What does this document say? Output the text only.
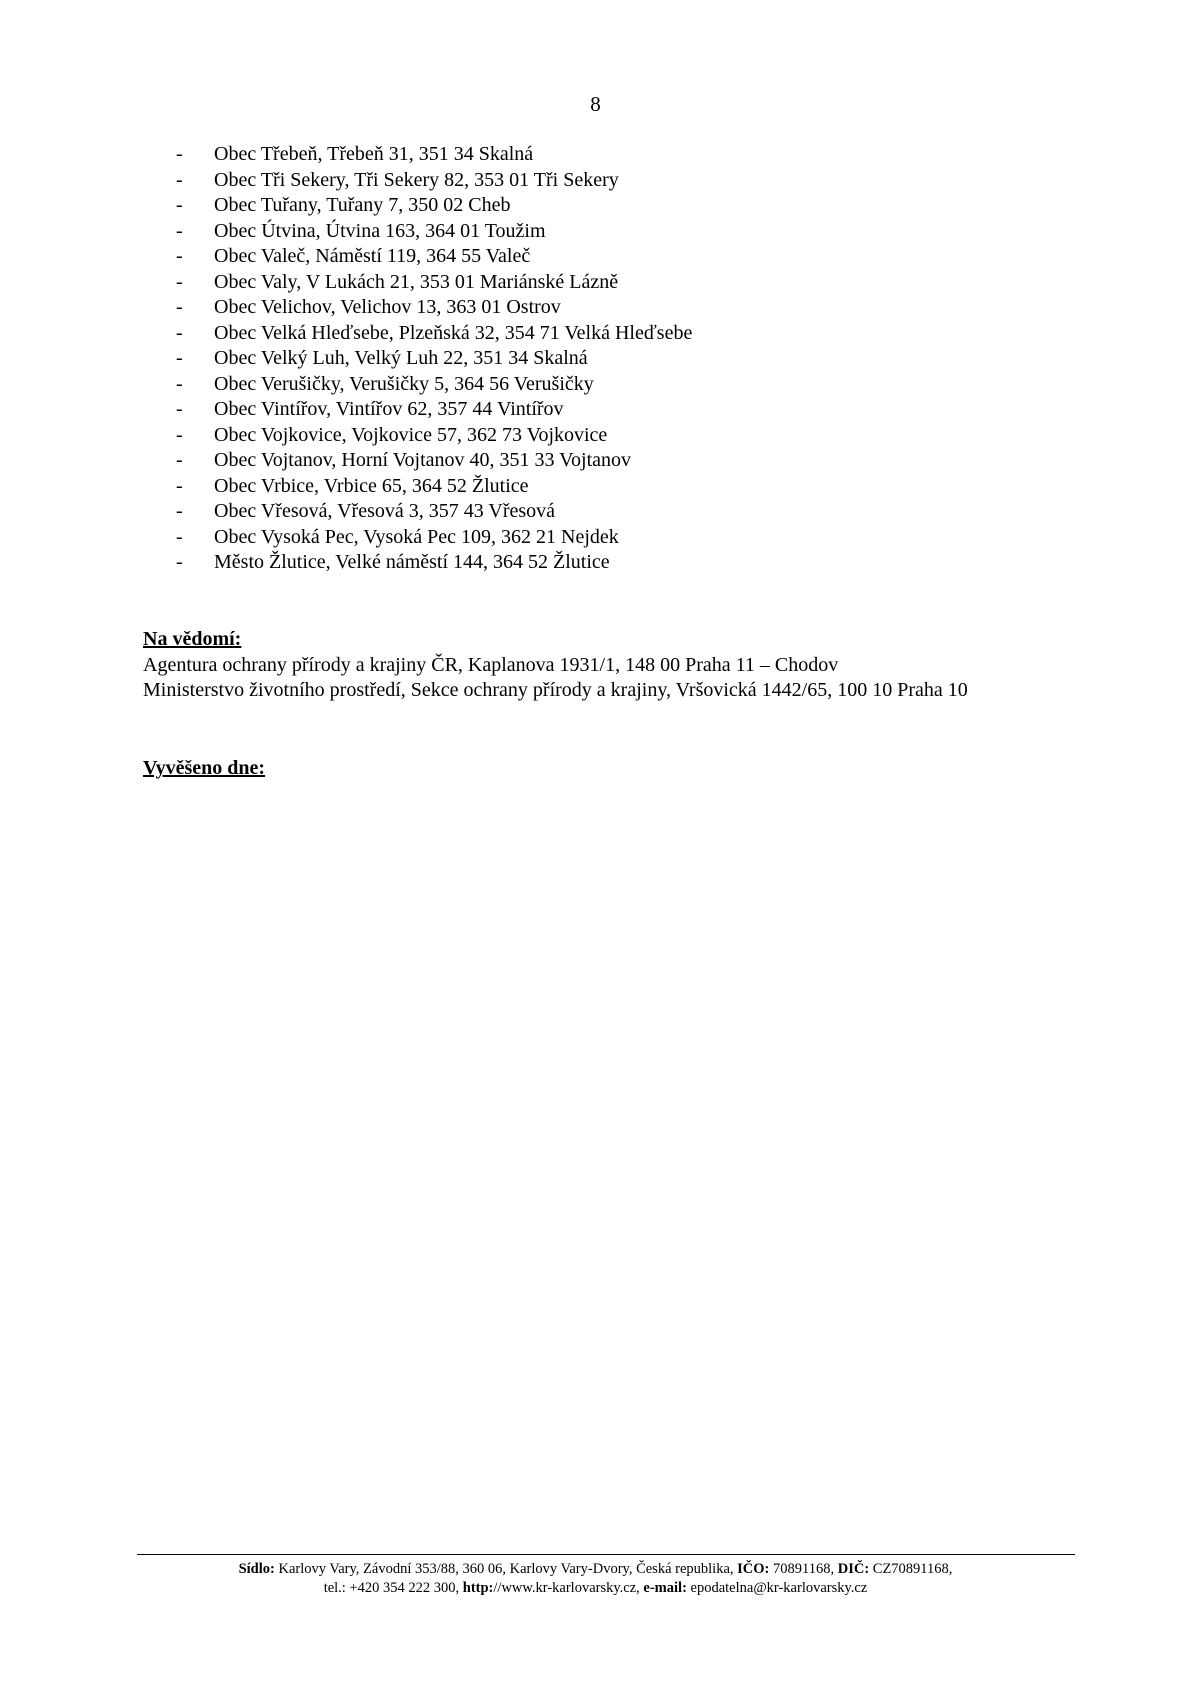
8
- Obec Třebeň, Třebeň 31, 351 34 Skalná
- Obec Tři Sekery, Tři Sekery 82, 353 01 Tři Sekery
- Obec Tuřany, Tuřany 7, 350 02 Cheb
- Obec Útvina, Útvina 163, 364 01 Toužim
- Obec Valeč, Náměstí 119, 364 55 Valeč
- Obec Valy, V Lukách 21, 353 01 Mariánské Lázně
- Obec Velichov, Velichov 13, 363 01 Ostrov
- Obec Velká Hleďsebe, Plzeňská 32, 354 71 Velká Hleďsebe
- Obec Velký Luh, Velký Luh 22, 351 34 Skalná
- Obec Verušičky, Verušičky 5, 364 56 Verušičky
- Obec Vintířov, Vintířov 62, 357 44 Vintířov
- Obec Vojkovice, Vojkovice 57, 362 73 Vojkovice
- Obec Vojtanov, Horní Vojtanov 40, 351 33 Vojtanov
- Obec Vrbice, Vrbice 65, 364 52 Žlutice
- Obec Vřesová, Vřesová 3, 357 43 Vřesová
- Obec Vysoká Pec, Vysoká Pec 109, 362 21 Nejdek
- Město Žlutice, Velké náměstí 144, 364 52 Žlutice
Na vědomí:
Agentura ochrany přírody a krajiny ČR, Kaplanova 1931/1, 148 00 Praha 11 – Chodov
Ministerstvo životního prostředí, Sekce ochrany přírody a krajiny, Vršovická 1442/65, 100 10 Praha 10
Vyvěšeno dne:
Sídlo: Karlovy Vary, Závodní 353/88, 360 06, Karlovy Vary-Dvory, Česká republika, IČO: 70891168, DIČ: CZ70891168,
tel.: +420 354 222 300, http://www.kr-karlovarsky.cz, e-mail: epodatelna@kr-karlovarsky.cz
